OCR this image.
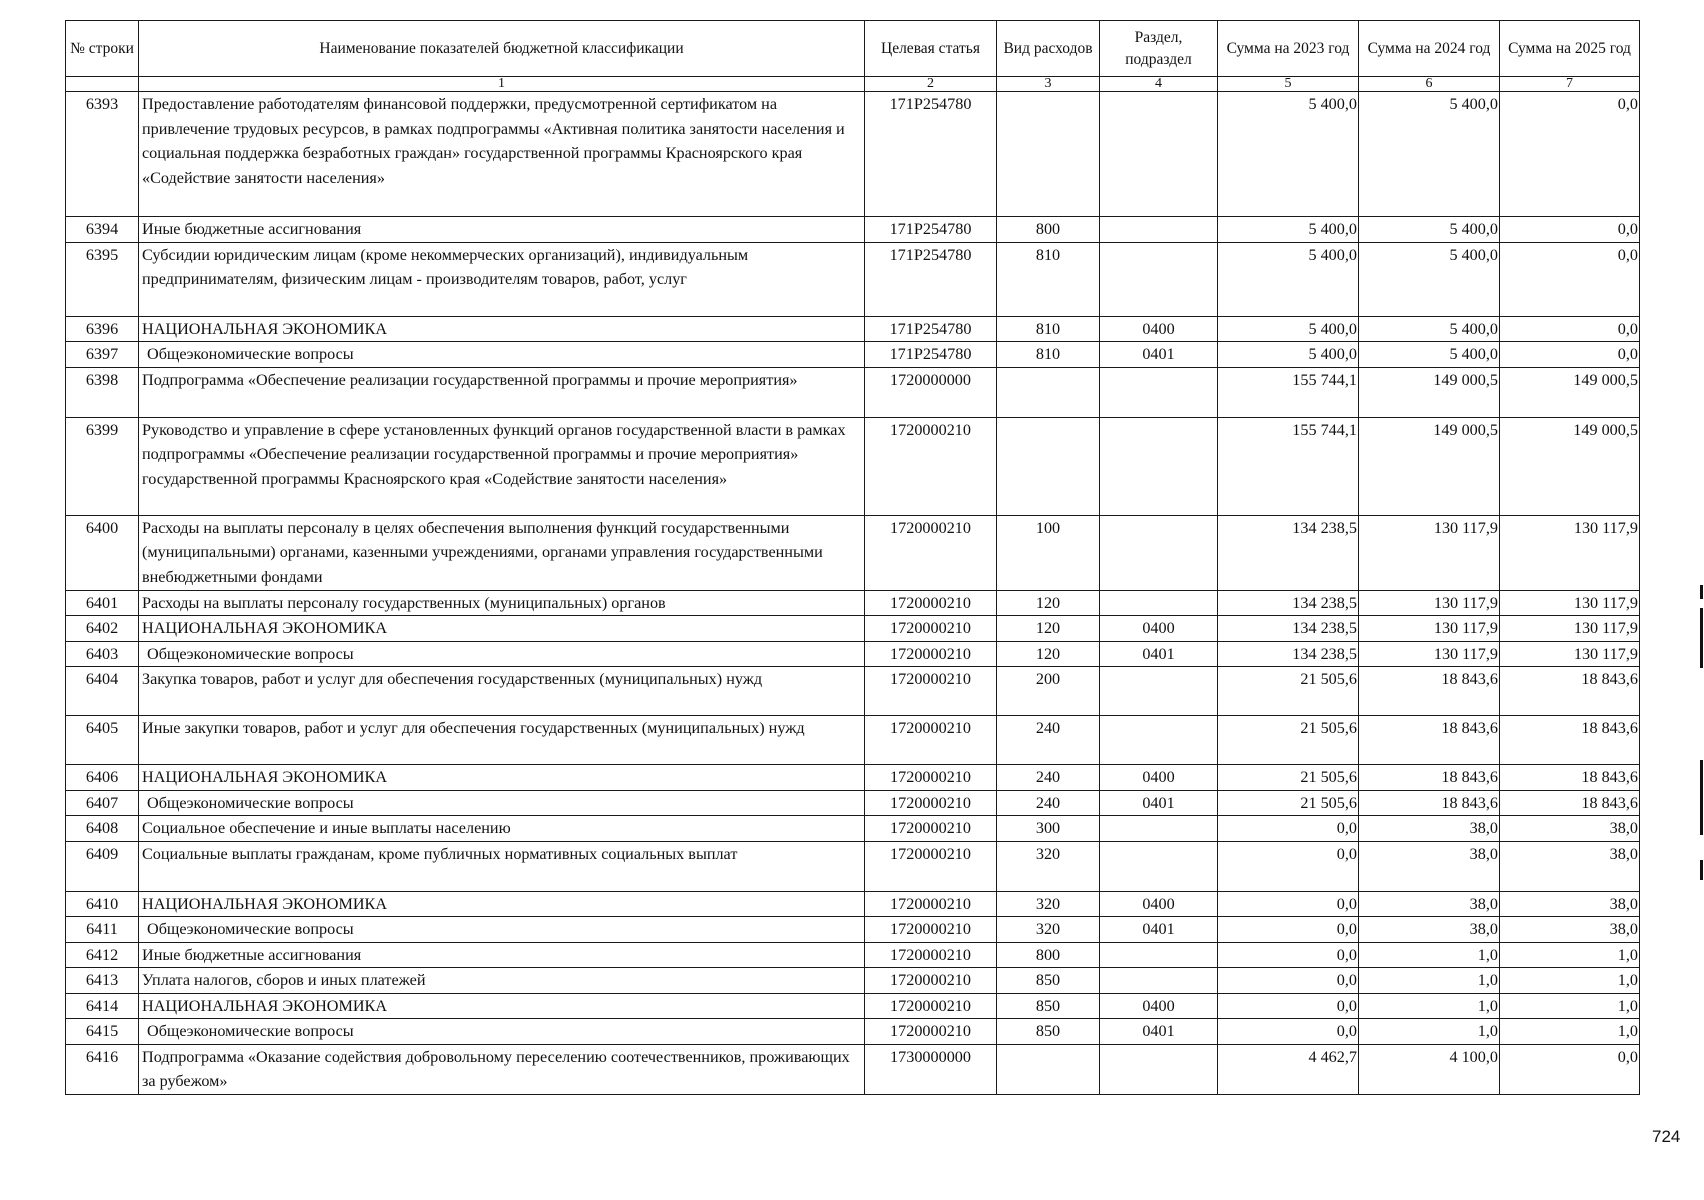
№ строки	Наименование показателей бюджетной классификации	Целевая статья	Вид расходов	Раздел, подраздел	Сумма на 2023 год	Сумма на 2024 год	Сумма на 2025 год
	1	2	3	4	5	6	7
6393	Предоставление работодателям финансовой поддержки, предусмотренной сертификатом на привлечение трудовых ресурсов, в рамках подпрограммы «Активная политика занятости населения и социальная поддержка безработных граждан» государственной программы Красноярского края «Содействие занятости населения»	171P254780			5 400,0	5 400,0	0,0
6394	Иные бюджетные ассигнования	171P254780	800		5 400,0	5 400,0	0,0
6395	Субсидии юридическим лицам (кроме некоммерческих организаций), индивидуальным предпринимателям, физическим лицам - производителям товаров, работ, услуг	171P254780	810		5 400,0	5 400,0	0,0
6396	НАЦИОНАЛЬНАЯ ЭКОНОМИКА	171P254780	810	0400	5 400,0	5 400,0	0,0
6397	Общеэкономические вопросы	171P254780	810	0401	5 400,0	5 400,0	0,0
6398	Подпрограмма «Обеспечение реализации государственной программы и прочие мероприятия»	1720000000			155 744,1	149 000,5	149 000,5
6399	Руководство и управление в сфере установленных функций органов государственной власти в рамках подпрограммы «Обеспечение реализации государственной программы и прочие мероприятия» государственной программы Красноярского края «Содействие занятости населения»	1720000210			155 744,1	149 000,5	149 000,5
6400	Расходы на выплаты персоналу в целях обеспечения выполнения функций государственными (муниципальными) органами, казенными учреждениями, органами управления государственными внебюджетными фондами	1720000210	100		134 238,5	130 117,9	130 117,9
6401	Расходы на выплаты персоналу государственных (муниципальных) органов	1720000210	120		134 238,5	130 117,9	130 117,9
6402	НАЦИОНАЛЬНАЯ ЭКОНОМИКА	1720000210	120	0400	134 238,5	130 117,9	130 117,9
6403	Общеэкономические вопросы	1720000210	120	0401	134 238,5	130 117,9	130 117,9
6404	Закупка товаров, работ и услуг для обеспечения государственных (муниципальных) нужд	1720000210	200		21 505,6	18 843,6	18 843,6
6405	Иные закупки товаров, работ и услуг для обеспечения государственных (муниципальных) нужд	1720000210	240		21 505,6	18 843,6	18 843,6
6406	НАЦИОНАЛЬНАЯ ЭКОНОМИКА	1720000210	240	0400	21 505,6	18 843,6	18 843,6
6407	Общеэкономические вопросы	1720000210	240	0401	21 505,6	18 843,6	18 843,6
6408	Социальное обеспечение и иные выплаты населению	1720000210	300		0,0	38,0	38,0
6409	Социальные выплаты гражданам, кроме публичных нормативных социальных выплат	1720000210	320		0,0	38,0	38,0
6410	НАЦИОНАЛЬНАЯ ЭКОНОМИКА	1720000210	320	0400	0,0	38,0	38,0
6411	Общеэкономические вопросы	1720000210	320	0401	0,0	38,0	38,0
6412	Иные бюджетные ассигнования	1720000210	800		0,0	1,0	1,0
6413	Уплата налогов, сборов и иных платежей	1720000210	850		0,0	1,0	1,0
6414	НАЦИОНАЛЬНАЯ ЭКОНОМИКА	1720000210	850	0400	0,0	1,0	1,0
6415	Общеэкономические вопросы	1720000210	850	0401	0,0	1,0	1,0
6416	Подпрограмма «Оказание содействия добровольному переселению соотечественников, проживающих за рубежом»	1730000000			4 462,7	4 100,0	0,0
724
